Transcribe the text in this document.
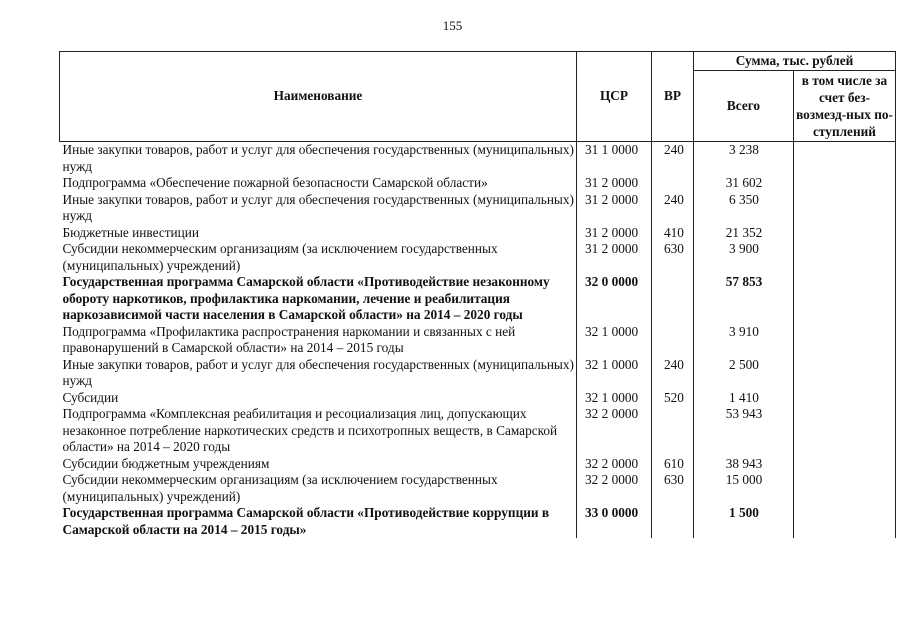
155
Наименование	ЦСР	ВР	Сумма, тыс. рублей	
			Всего	в том числе за счет без-возмезд-ных по-ступлений
Иные закупки товаров, работ и услуг для обеспечения государственных (муниципальных) нужд	31 1 0000	240	3 238	
Подпрограмма «Обеспечение пожарной безопасности Самарской области»	31 2 0000		31 602	
Иные закупки товаров, работ и услуг для обеспечения государственных (муниципальных) нужд	31 2 0000	240	6 350	
Бюджетные инвестиции	31 2 0000	410	21 352	
Субсидии некоммерческим организациям (за исключением государственных (муниципальных) учреждений)	31 2 0000	630	3 900	
Государственная программа Самарской области «Противодействие незаконному обороту наркотиков, профилактика наркомании, лечение и реабилитация наркозависимой части населения в Самарской области» на 2014 – 2020 годы	32 0 0000		57 853	
Подпрограмма «Профилактика распространения наркомании и связанных с ней правонарушений в Самарской области» на 2014 – 2015 годы	32 1 0000		3 910	
Иные закупки товаров, работ и услуг для обеспечения государственных (муниципальных) нужд	32 1 0000	240	2 500	
Субсидии	32 1 0000	520	1 410	
Подпрограмма «Комплексная реабилитация и ресоциализация лиц, допускающих незаконное потребление наркотических средств и психотропных веществ, в Самарской области» на 2014 – 2020 годы	32 2 0000		53 943	
Субсидии бюджетным учреждениям	32 2 0000	610	38 943	
Субсидии некоммерческим организациям (за исключением государственных (муниципальных) учреждений)	32 2 0000	630	15 000	
Государственная программа Самарской области «Противодействие коррупции в Самарской области на 2014 – 2015 годы»	33 0 0000		1 500	
